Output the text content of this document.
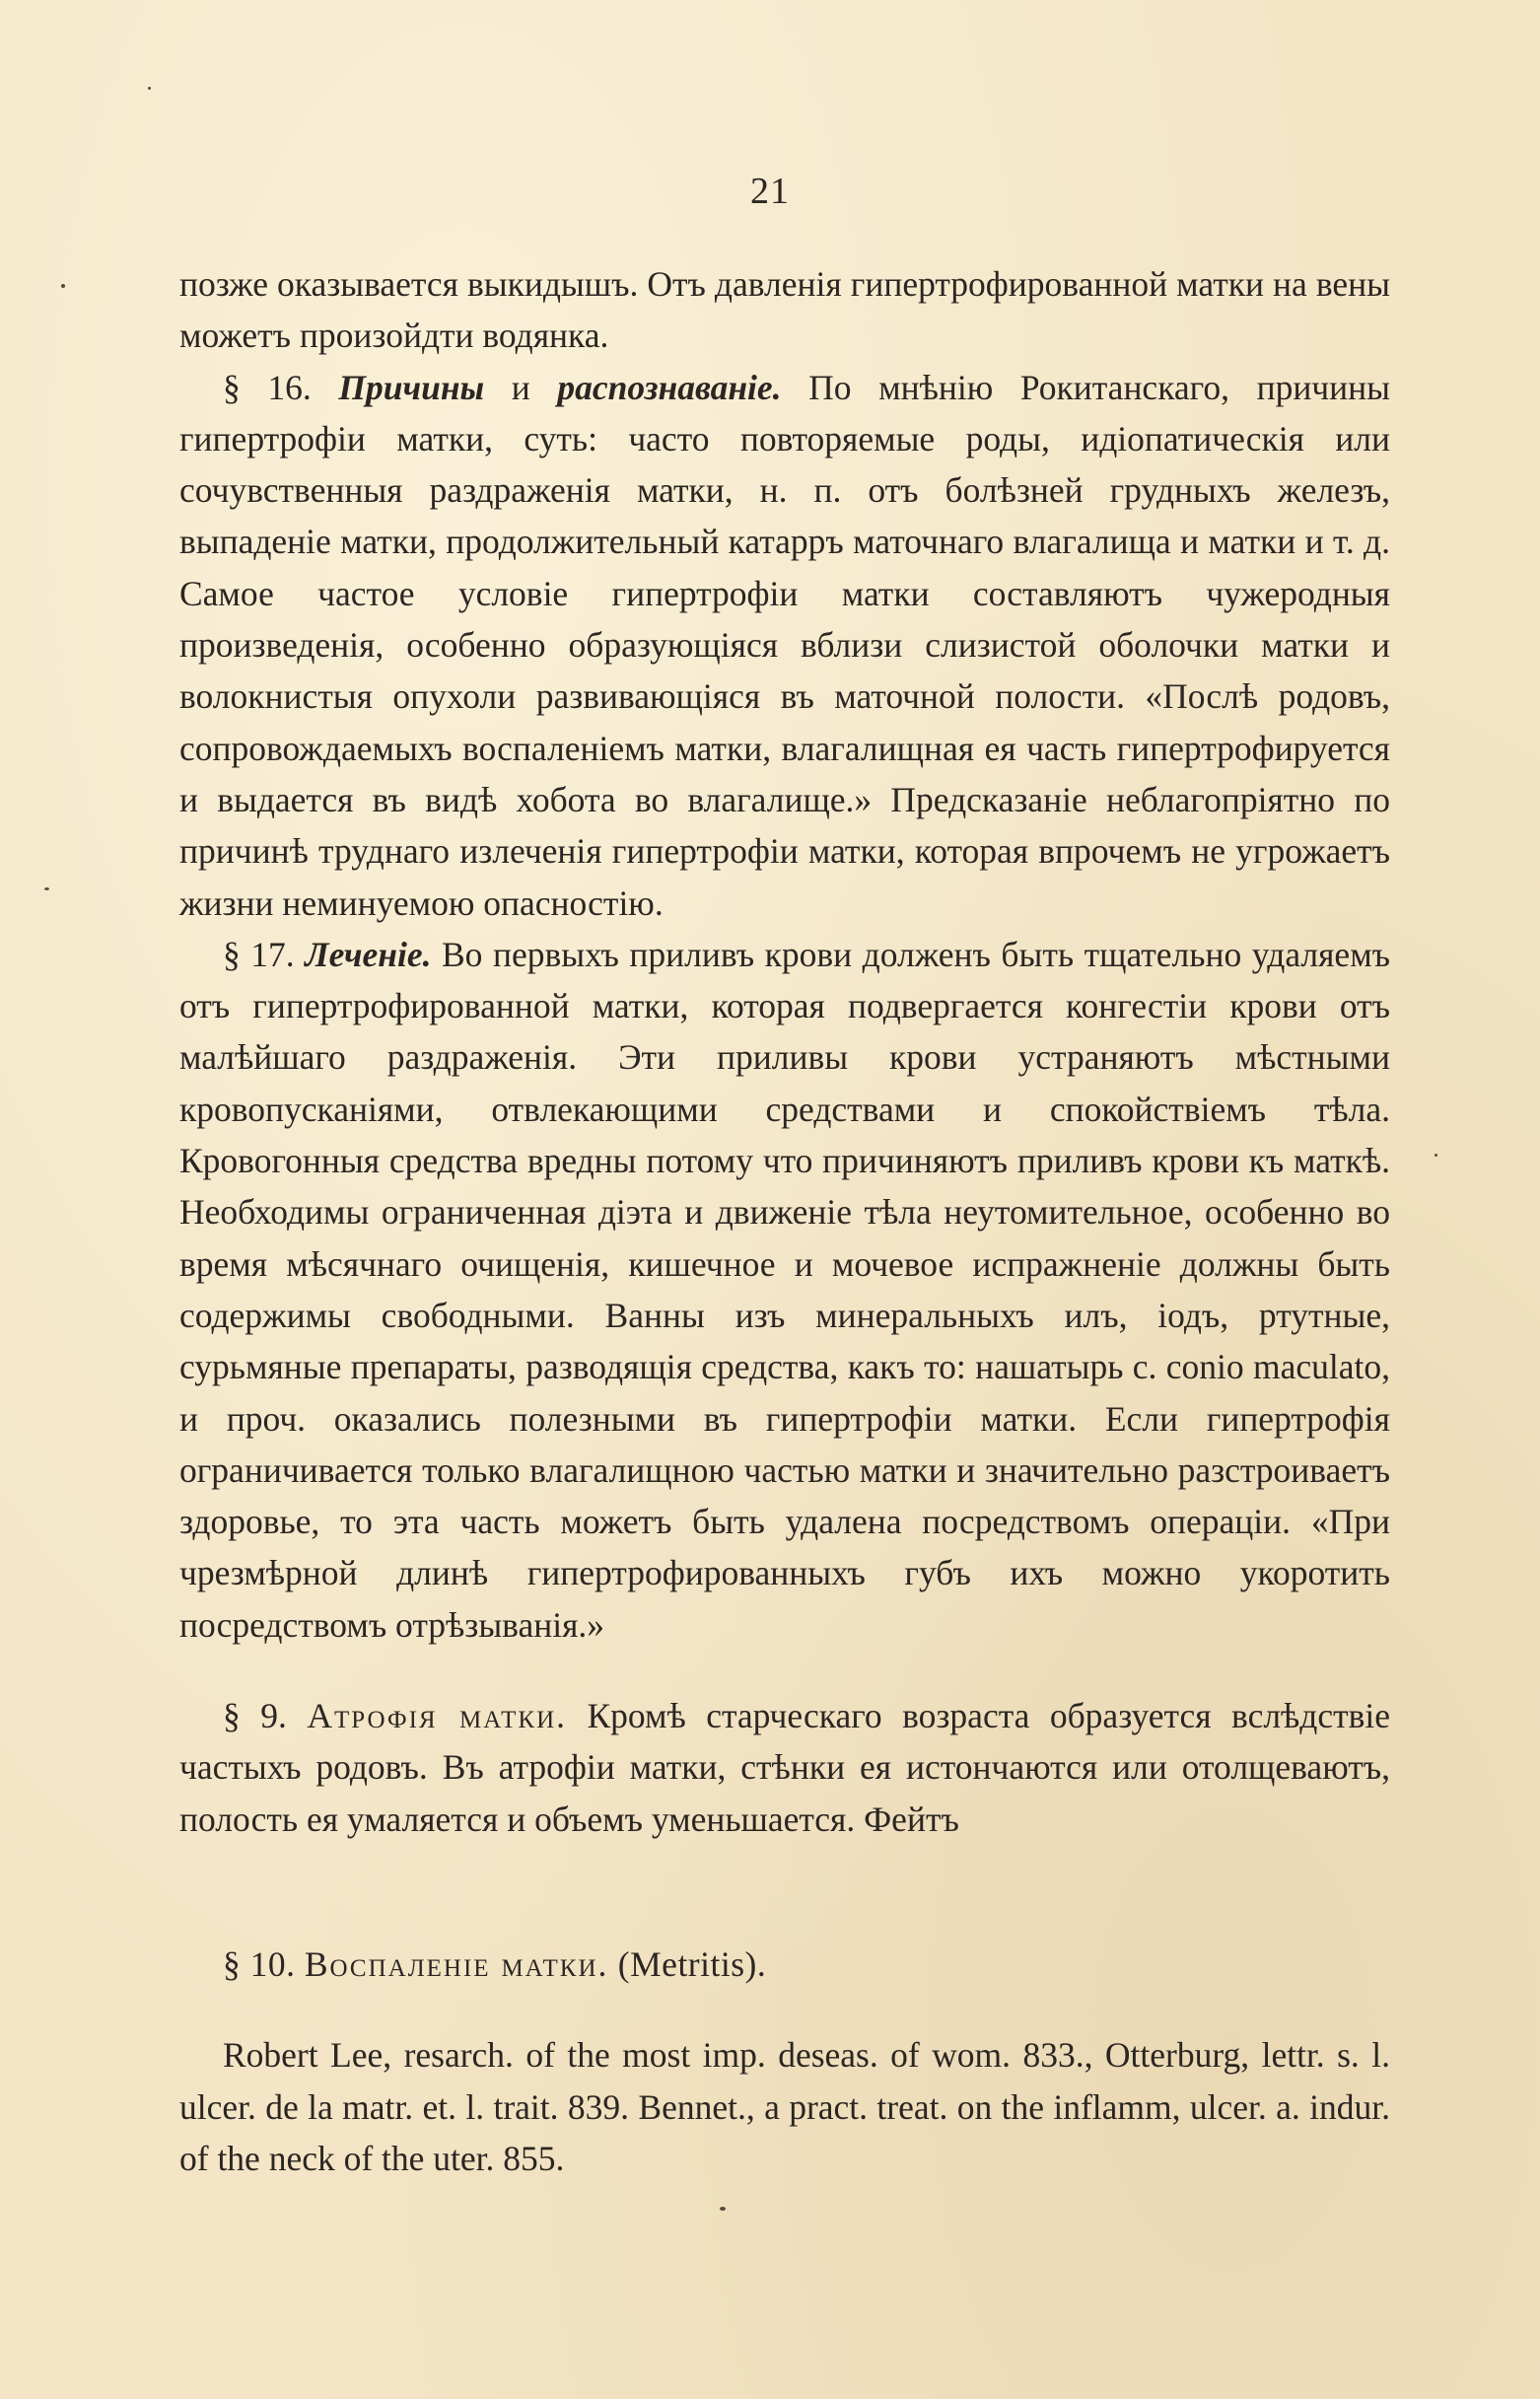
21

позже оказывается выкидышъ. Отъ давленія гипертрофированной матки на вены можетъ произойдти водянка.

§ 16. Причины и распознаваніе. По мнѣнію Рокитанскаго, причины гипертрофіи матки, суть: часто повторяемые роды, идіопатическія или сочувственныя раздраженія матки, н. п. отъ болѣзней грудныхъ железъ, выпаденіе матки, продолжительный катарръ маточнаго влагалища и матки и т. д. Самое частое условіе гипертрофіи матки составляютъ чужеродныя произведенія, особенно образующіяся вблизи слизистой оболочки матки и волокнистыя опухоли развивающіяся въ маточной полости. «Послѣ родовъ, сопровождаемыхъ воспаленіемъ матки, влагалищная ея часть гипертрофируется и выдается въ видѣ хобота во влагалище.» Предсказаніе неблагопріятно по причинѣ труднаго излеченія гипертрофіи матки, которая впрочемъ не угрожаетъ жизни неминуемою опасностію.

§ 17. Леченіе. Во первыхъ приливъ крови долженъ быть тщательно удаляемъ отъ гипертрофированной матки, которая подвергается конгестіи крови отъ малѣйшаго раздраженія. Эти приливы крови устраняютъ мѣстными кровопусканіями, отвлекающими средствами и спокойствіемъ тѣла. Кровогонныя средства вредны потому что причиняютъ приливъ крови къ маткѣ. Необходимы ограниченная діэта и движеніе тѣла неутомительное, особенно во время мѣсячнаго очищенія, кишечное и мочевое испражненіе должны быть содержимы свободными. Ванны изъ минеральныхъ илъ, іодъ, ртутные, сурьмяные препараты, разводящія средства, какъ то: нашатырь с. conio maculato, и проч. оказались полезными въ гипертрофіи матки. Если гипертрофія ограничивается только влагалищною частью матки и значительно разстроиваетъ здоровье, то эта часть можетъ быть удалена посредствомъ операціи. «При чрезмѣрной длинѣ гипертрофированныхъ губъ ихъ можно укоротить посредствомъ отрѣзыванія.»

§ 9. Атрофія матки. Кромѣ старческаго возраста образуется вслѣдствіе частыхъ родовъ. Въ атрофіи матки, стѣнки ея истончаются или отолщеваютъ, полость ея умаляется и объемъ уменьшается. Фейтъ

§ 10. Воспаленіе матки. (Metritis).

Robert Lee, resarch. of the most imp. deseas. of wom. 833., Otterburg, lettr. s. l. ulcer. de la matr. et. l. trait. 839. Bennet., a pract. treat. on the inflamm, ulcer. a. indur. of the neck of the uter. 855.
